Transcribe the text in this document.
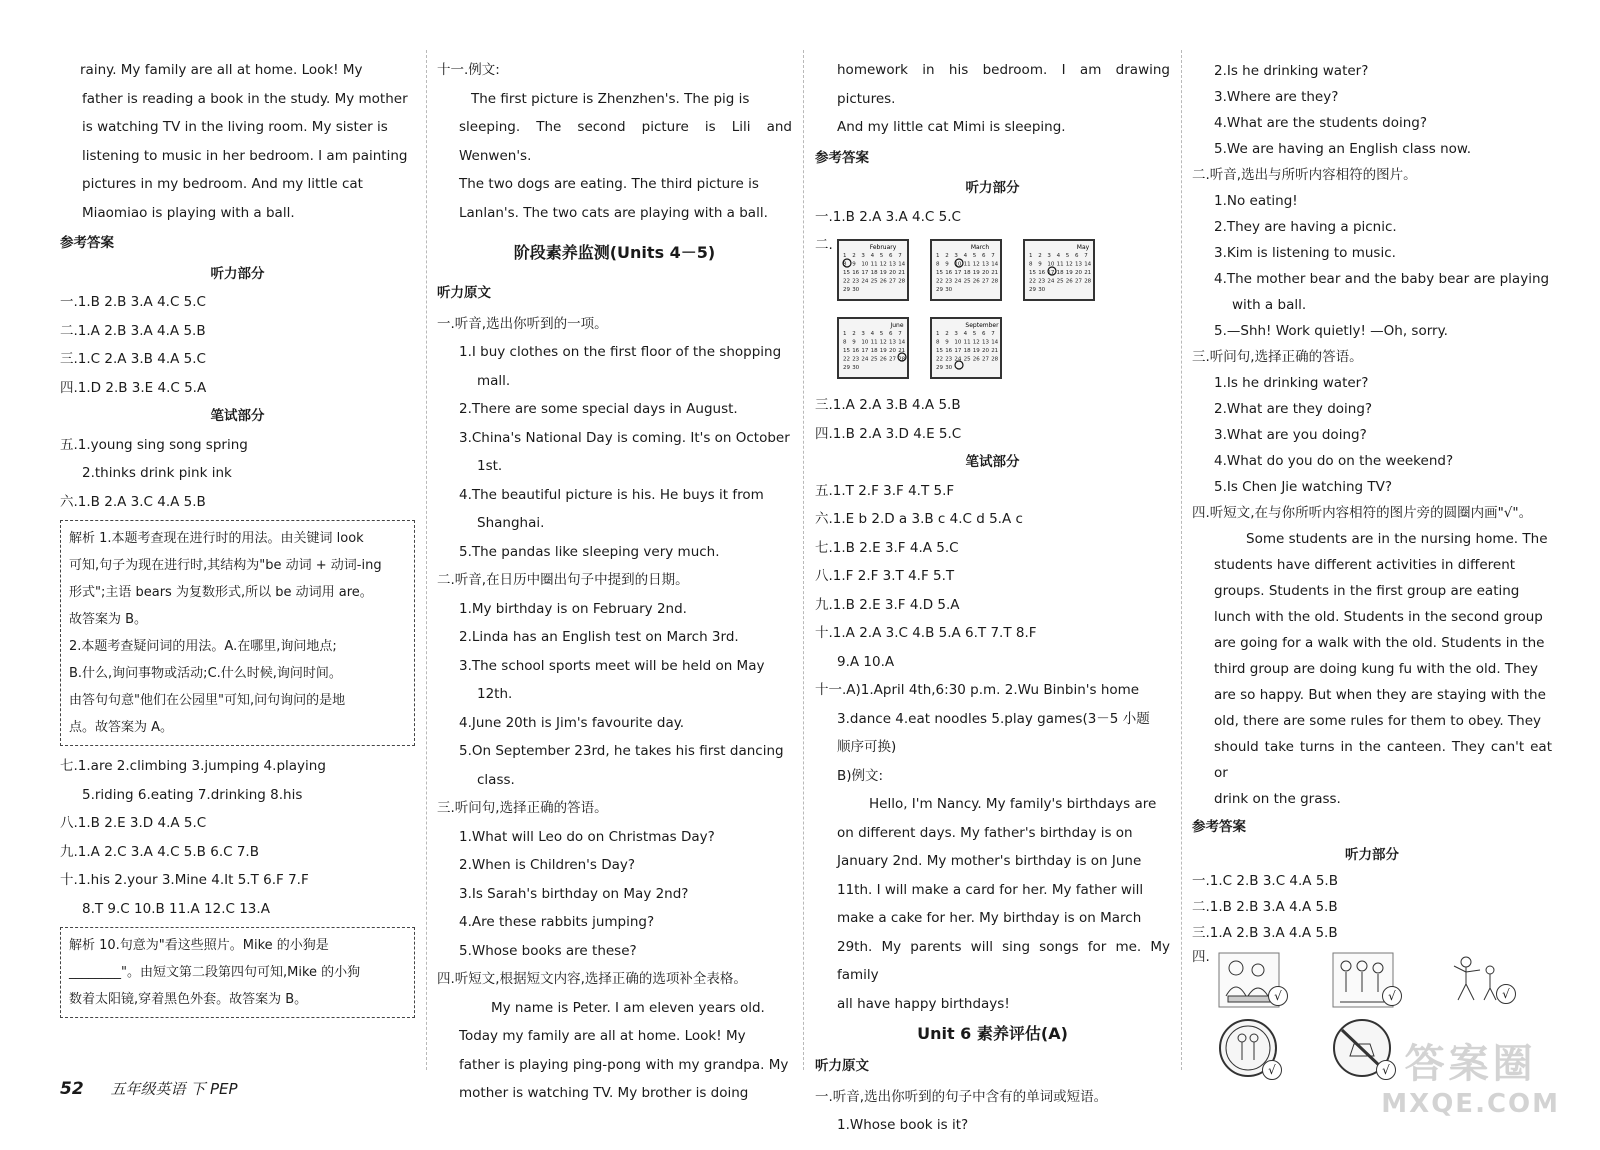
rainy. My family are all at home. Look! My

father is reading a book in the study. My mother

is watching TV in the living room. My sister is

listening to music in her bedroom. I am painting

pictures in my bedroom. And my little cat

Miaomiao is playing with a ball.

参考答案

听力部分

一.1.B 2.B 3.A 4.C 5.C

二.1.A 2.B 3.A 4.A 5.B

三.1.C 2.A 3.B 4.A 5.C

四.1.D 2.B 3.E 4.C 5.A

笔试部分

五.1.young sing song spring

2.thinks drink pink ink

六.1.B 2.A 3.C 4.A 5.B

解析 1.本题考查现在进行时的用法。由关键词 look

可知,句子为现在进行时,其结构为"be 动词 + 动词-ing

形式";主语 bears 为复数形式,所以 be 动词用 are。

故答案为 B。

2.本题考查疑问词的用法。A.在哪里,询问地点;

B.什么,询问事物或活动;C.什么时候,询问时间。

由答句句意"他们在公园里"可知,问句询问的是地

点。故答案为 A。

七.1.are 2.climbing 3.jumping 4.playing

5.riding 6.eating 7.drinking 8.his

八.1.B 2.E 3.D 4.A 5.C

九.1.A 2.C 3.A 4.C 5.B 6.C 7.B

十.1.his 2.your 3.Mine 4.It 5.T 6.F 7.F

8.T 9.C 10.B 11.A 12.C 13.A

解析 10.句意为"看这些照片。Mike 的小狗是

________"。由短文第二段第四句可知,Mike 的小狗

数着太阳镜,穿着黑色外套。故答案为 B。

十一.例文:

The first picture is Zhenzhen's. The pig is

sleeping. The second picture is Lili and Wenwen's.

The two dogs are eating. The third picture is

Lanlan's. The two cats are playing with a ball.

阶段素养监测(Units 4－5)

听力原文

一.听音,选出你听到的一项。

1.I buy clothes on the first floor of the shopping

mall.

2.There are some special days in August.

3.China's National Day is coming. It's on October

1st.

4.The beautiful picture is his. He buys it from

Shanghai.

5.The pandas like sleeping very much.

二.听音,在日历中圈出句子中提到的日期。

1.My birthday is on February 2nd.

2.Linda has an English test on March 3rd.

3.The school sports meet will be held on May

12th.

4.June 20th is Jim's favourite day.

5.On September 23rd, he takes his first dancing

class.

三.听问句,选择正确的答语。

1.What will Leo do on Christmas Day?

2.When is Children's Day?

3.Is Sarah's birthday on May 2nd?

4.Are these rabbits jumping?

5.Whose books are these?

四.听短文,根据短文内容,选择正确的选项补全表格。

My name is Peter. I am eleven years old.

Today my family are all at home. Look! My

father is playing ping-pong with my grandpa. My

mother is watching TV. My brother is doing

homework in his bedroom. I am drawing pictures.

And my little cat Mimi is sleeping.

参考答案

听力部分

一.1.B 2.A 3.A 4.C 5.C

二.	February
1 2 3 4 5 6 7
8 9 10 11 12 13 14
15 16 17 18 19 20 21
22 23 24 25 26 27 28
29 30
March
1 2 3 4 5 6 7
8 9 10 11 12 13 14
15 16 17 18 19 20 21
22 23 24 25 26 27 28
29 30
May
1 2 3 4 5 6 7
8 9 10 11 12 13 14
15 16 17 18 19 20 21
22 23 24 25 26 27 28
29 30
June
1 2 3 4 5 6 7
8 9 10 11 12 13 14
15 16 17 18 19 20 21
22 23 24 25 26 27 28
29 30
September
1 2 3 4 5 6 7
8 9 10 11 12 13 14
15 16 17 18 19 20 21
22 23 24 25 26 27 28
29 30

三.1.A 2.A 3.B 4.A 5.B

四.1.B 2.A 3.D 4.E 5.C

笔试部分

五.1.T 2.F 3.F 4.T 5.F

六.1.E b 2.D a 3.B c 4.C d 5.A c

七.1.B 2.E 3.F 4.A 5.C

八.1.F 2.F 3.T 4.F 5.T

九.1.B 2.E 3.F 4.D 5.A

十.1.A 2.A 3.C 4.B 5.A 6.T 7.T 8.F

9.A 10.A

十一.A)1.April 4th,6:30 p.m. 2.Wu Binbin's home

3.dance 4.eat noodles 5.play games(3－5 小题

顺序可换)

B)例文:

Hello, I'm Nancy. My family's birthdays are

on different days. My father's birthday is on

January 2nd. My mother's birthday is on June

11th. I will make a card for her. My father will

make a cake for her. My birthday is on March

29th. My parents will sing songs for me. My family

all have happy birthdays!

Unit 6 素养评估(A)

听力原文

一.听音,选出你听到的句子中含有的单词或短语。

1.Whose book is it?

2.Is he drinking water?

3.Where are they?

4.What are the students doing?

5.We are having an English class now.

二.听音,选出与所听内容相符的图片。

1.No eating!

2.They are having a picnic.

3.Kim is listening to music.

4.The mother bear and the baby bear are playing

with a ball.

5.—Shh! Work quietly! —Oh, sorry.

三.听问句,选择正确的答语。

1.Is he drinking water?

2.What are they doing?

3.What are you doing?

4.What do you do on the weekend?

5.Is Chen Jie watching TV?

四.听短文,在与你所听内容相符的图片旁的圆圈内画"√"。

Some students are in the nursing home. The

students have different activities in different

groups. Students in the first group are eating

lunch with the old. Students in the second group

are going for a walk with the old. Students in the

third group are doing kung fu with the old. They

are so happy. But when they are staying with the

old, there are some rules for them to obey. They

should take turns in the canteen. They can't eat or

drink on the grass.

参考答案

听力部分

一.1.C 2.B 3.C 4.A 5.B

二.1.B 2.B 3.A 4.A 5.B

三.1.A 2.B 3.A 4.A 5.B

四.
√	√	√
√	√
52 五年级英语 下 PEP
答案圈
MXQE.COM
